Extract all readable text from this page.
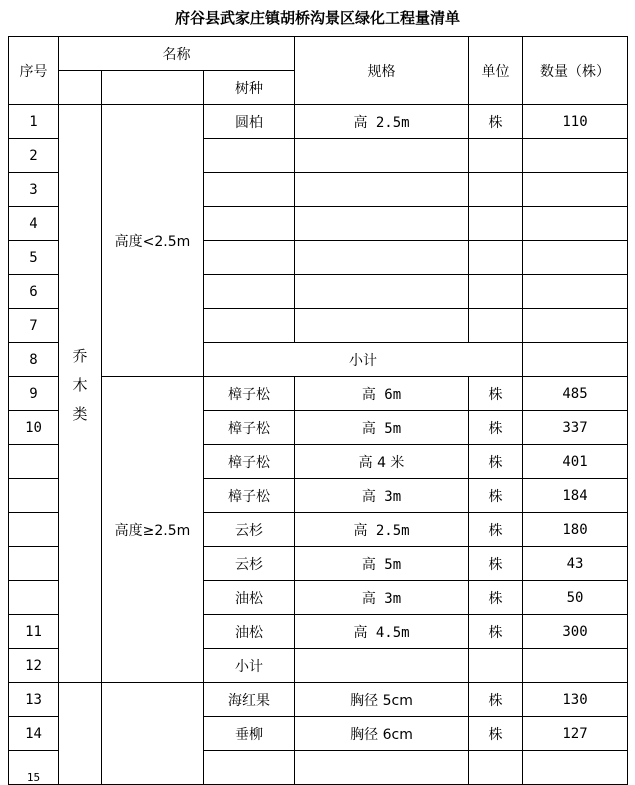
府谷县武家庄镇胡桥沟景区绿化工程量清单
序号	名称			规格	单位	数量（株）
			树种			
1	乔木类	高度<2.5m	圆柏	高 2.5m	株	110
2						
3						
4						
5						
6						
7						
8			小计			
9		高度≥2.5m	樟子松	高 6m	株	485
10			樟子松	高 5m	株	337
			樟子松	高 4 米	株	401
			樟子松	高 3m	株	184
			云杉	高 2.5m	株	180
			云杉	高 5m	株	43
			油松	高 3m	株	50
11			油松	高 4.5m	株	300
12			小计			
13			海红果	胸径 5cm	株	130
14			垂柳	胸径 6cm	株	127
15						
